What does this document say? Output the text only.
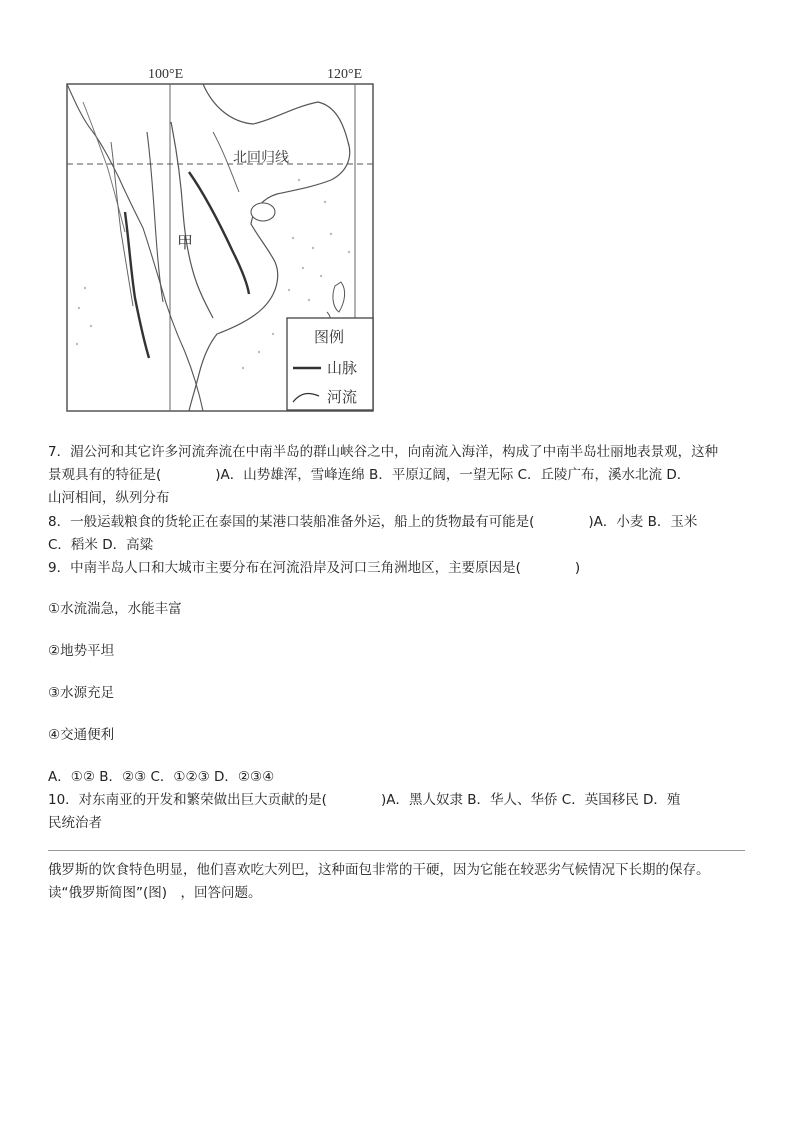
100°E	120°E
北回归线
甲
图例
山脉
河流
7．湄公河和其它许多河流奔流在中南半岛的群山峡谷之中，向南流入海洋，构成了中南半岛壮丽地表景观，这种
景观具有的特征是(　　　　)A．山势雄浑，雪峰连绵 B．平原辽阔，一望无际 C．丘陵广布，溪水北流 D．
山河相间，纵列分布
8．一般运载粮食的货轮正在泰国的某港口装船准备外运，船上的货物最有可能是(　　　　)A．小麦 B．玉米
C．稻米 D．高粱
9．中南半岛人口和大城市主要分布在河流沿岸及河口三角洲地区，主要原因是(　　　　)
①水流湍急，水能丰富
②地势平坦
③水源充足
④交通便利
A．①② B．②③ C．①②③ D．②③④
10．对东南亚的开发和繁荣做出巨大贡献的是(　　　　)A．黑人奴隶 B．华人、华侨 C．英国移民 D．殖
民统治者
俄罗斯的饮食特色明显，他们喜欢吃大列巴，这种面包非常的干硬，因为它能在较恶劣气候情况下长期的保存。
读“俄罗斯简图”(图)　，回答问题。
